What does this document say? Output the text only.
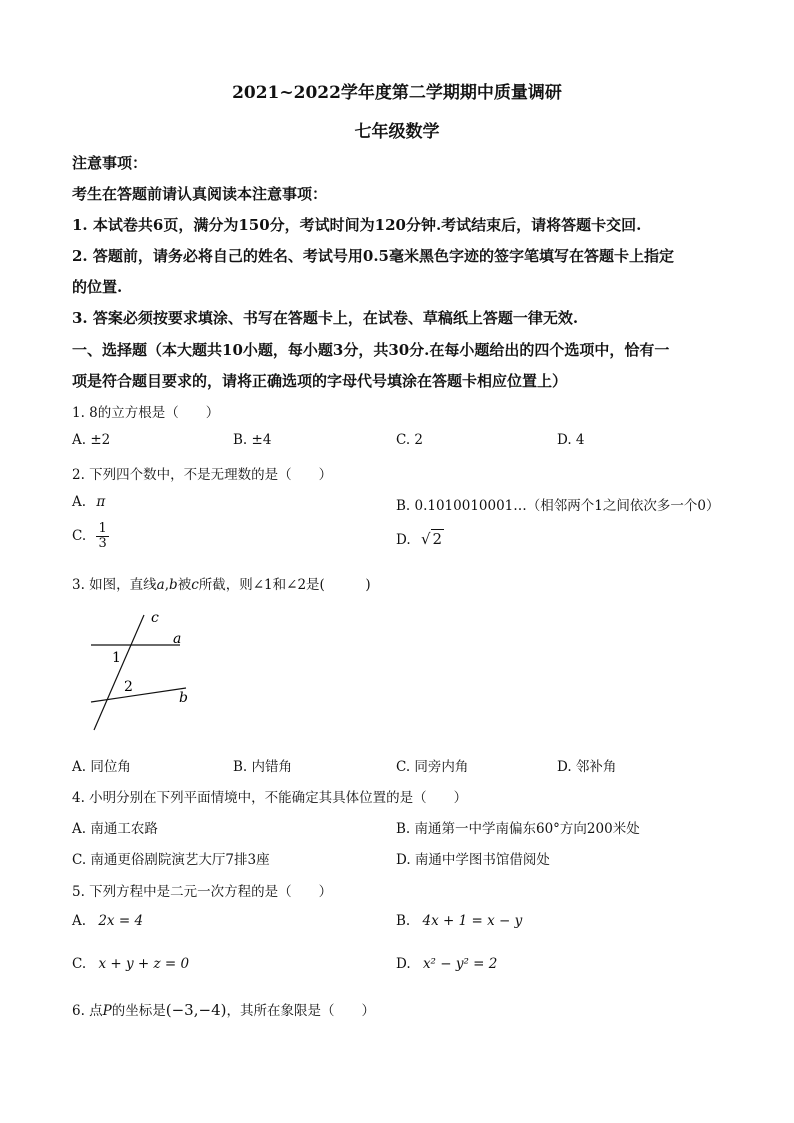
2021~2022学年度第二学期期中质量调研
七年级数学
注意事项：
考生在答题前请认真阅读本注意事项：
1. 本试卷共6页，满分为150分，考试时间为120分钟.考试结束后，请将答题卡交回.
2. 答题前，请务必将自己的姓名、考试号用0.5毫米黑色字迹的签字笔填写在答题卡上指定
的位置.
3. 答案必须按要求填涂、书写在答题卡上，在试卷、草稿纸上答题一律无效.
一、选择题（本大题共10小题，每小题3分，共30分.在每小题给出的四个选项中，恰有一
项是符合题目要求的，请将正确选项的字母代号填涂在答题卡相应位置上）
1. 8的立方根是（　　）
A. ±2	B. ±4	C. 2	D. 4
2. 下列四个数中，不是无理数的是（　　）
A. π	B. 0.1010010001…（相邻两个1之间依次多一个0）
C. $\frac{1}{3}$	D. √ 2
3. 如图，直线a,b被c所截，则∠1和∠2是(　　　)
c
a
b
1
2
A. 同位角	B. 内错角	C. 同旁内角	D. 邻补角
4. 小明分别在下列平面情境中，不能确定其具体位置的是（　　）
A. 南通工农路	B. 南通第一中学南偏东60°方向200米处
C. 南通更俗剧院演艺大厅7排3座	D. 南通中学图书馆借阅处
5. 下列方程中是二元一次方程的是（　　）
A. 2x = 4	B. 4x + 1 = x − y
C. x + y + z = 0	D. x² − y² = 2
6. 点P的坐标是(−3,−4)，其所在象限是（　　）
